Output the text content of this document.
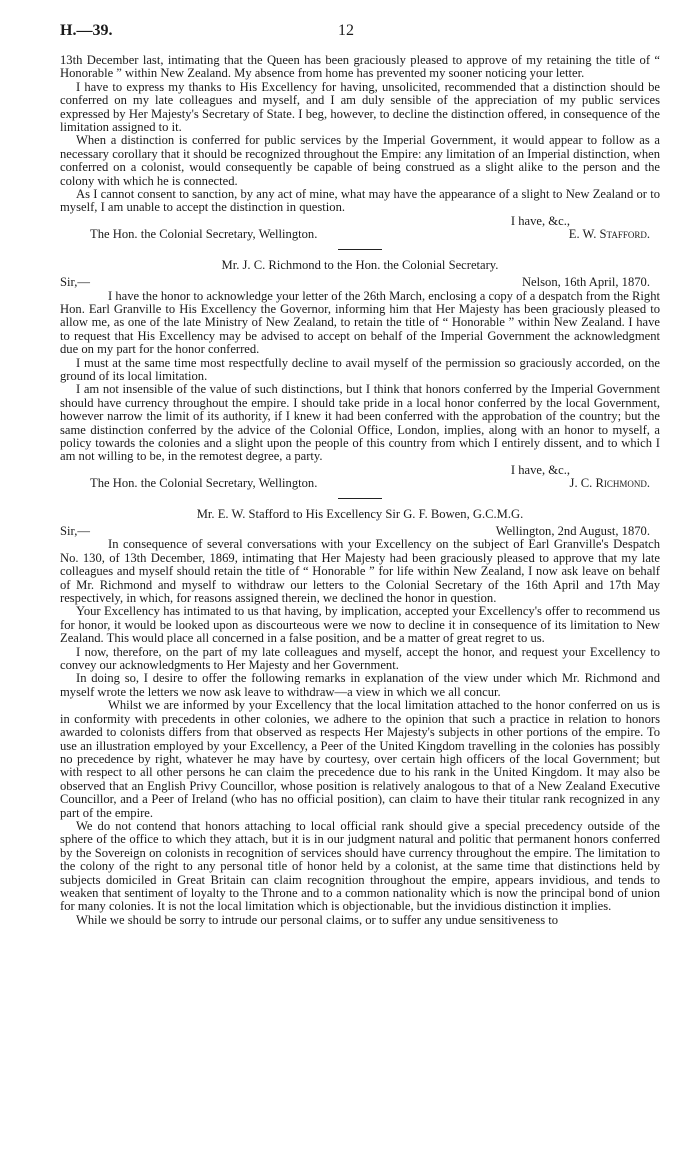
H.—39.	12

13th December last, intimating that the Queen has been graciously pleased to approve of my retaining the title of “ Honorable ” within New Zealand. My absence from home has prevented my sooner noticing your letter.

I have to express my thanks to His Excellency for having, unsolicited, recommended that a distinction should be conferred on my late colleagues and myself, and I am duly sensible of the appreciation of my public services expressed by Her Majesty's Secretary of State. I beg, however, to decline the distinction offered, in consequence of the limitation assigned to it.

When a distinction is conferred for public services by the Imperial Government, it would appear to follow as a necessary corollary that it should be recognized throughout the Empire: any limitation of an Imperial distinction, when conferred on a colonist, would consequently be capable of being construed as a slight alike to the person and the colony with which he is connected.

As I cannot consent to sanction, by any act of mine, what may have the appearance of a slight to New Zealand or to myself, I am unable to accept the distinction in question.

I have, &c.,

The Hon. the Colonial Secretary, Wellington.	E. W. Stafford.

Mr. J. C. Richmond to the Hon. the Colonial Secretary.

Sir,—	Nelson, 16th April, 1870.

I have the honor to acknowledge your letter of the 26th March, enclosing a copy of a despatch from the Right Hon. Earl Granville to His Excellency the Governor, informing him that Her Majesty has been graciously pleased to allow me, as one of the late Ministry of New Zealand, to retain the title of “ Honorable ” within New Zealand. I have to request that His Excellency may be advised to accept on behalf of the Imperial Government the acknowledgment due on my part for the honor conferred.

I must at the same time most respectfully decline to avail myself of the permission so graciously accorded, on the ground of its local limitation.

I am not insensible of the value of such distinctions, but I think that honors conferred by the Imperial Government should have currency throughout the empire. I should take pride in a local honor conferred by the local Government, however narrow the limit of its authority, if I knew it had been conferred with the approbation of the country; but the same distinction conferred by the advice of the Colonial Office, London, implies, along with an honor to myself, a policy towards the colonies and a slight upon the people of this country from which I entirely dissent, and to which I am not willing to be, in the remotest degree, a party.

I have, &c.,

The Hon. the Colonial Secretary, Wellington.	J. C. Richmond.

Mr. E. W. Stafford to His Excellency Sir G. F. Bowen, G.C.M.G.

Sir,—	Wellington, 2nd August, 1870.

In consequence of several conversations with your Excellency on the subject of Earl Granville's Despatch No. 130, of 13th December, 1869, intimating that Her Majesty had been graciously pleased to approve that my late colleagues and myself should retain the title of “ Honorable ” for life within New Zealand, I now ask leave on behalf of Mr. Richmond and myself to withdraw our letters to the Colonial Secretary of the 16th April and 17th May respectively, in which, for reasons assigned therein, we declined the honor in question.

Your Excellency has intimated to us that having, by implication, accepted your Excellency's offer to recommend us for honor, it would be looked upon as discourteous were we now to decline it in consequence of its limitation to New Zealand. This would place all concerned in a false position, and be a matter of great regret to us.

I now, therefore, on the part of my late colleagues and myself, accept the honor, and request your Excellency to convey our acknowledgments to Her Majesty and her Government.

In doing so, I desire to offer the following remarks in explanation of the view under which Mr. Richmond and myself wrote the letters we now ask leave to withdraw—a view in which we all concur.

Whilst we are informed by your Excellency that the local limitation attached to the honor conferred on us is in conformity with precedents in other colonies, we adhere to the opinion that such a practice in relation to honors awarded to colonists differs from that observed as respects Her Majesty's subjects in other portions of the empire. To use an illustration employed by your Excellency, a Peer of the United Kingdom travelling in the colonies has possibly no precedence by right, whatever he may have by courtesy, over certain high officers of the local Government; but with respect to all other persons he can claim the precedence due to his rank in the United Kingdom. It may also be observed that an English Privy Councillor, whose position is relatively analogous to that of a New Zealand Executive Councillor, and a Peer of Ireland (who has no official position), can claim to have their titular rank recognized in any part of the empire.

We do not contend that honors attaching to local official rank should give a special precedency outside of the sphere of the office to which they attach, but it is in our judgment natural and politic that permanent honors conferred by the Sovereign on colonists in recognition of services should have currency throughout the empire. The limitation to the colony of the right to any personal title of honor held by a colonist, at the same time that distinctions held by subjects domiciled in Great Britain can claim recognition throughout the empire, appears invidious, and tends to weaken that sentiment of loyalty to the Throne and to a common nationality which is now the principal bond of union for many colonies. It is not the local limitation which is objectionable, but the invidious distinction it implies.

While we should be sorry to intrude our personal claims, or to suffer any undue sensitiveness to
